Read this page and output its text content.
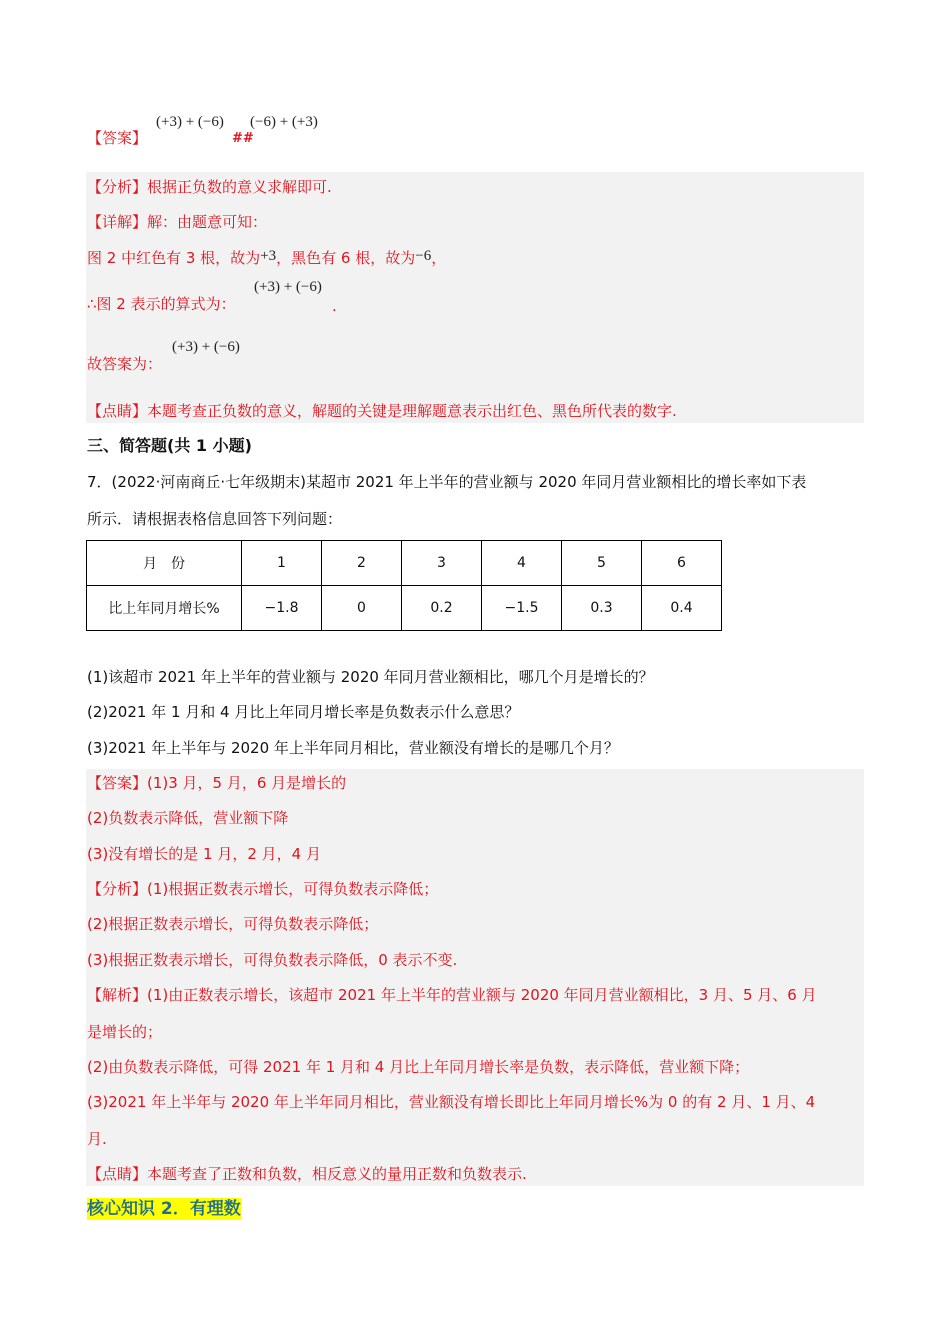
【答案】
(+3) + (−6)
##
(−6) + (+3)
【分析】根据正负数的意义求解即可.
【详解】解：由题意可知：
图 2 中红色有 3 根，故为+3，黑色有 6 根，故为−6，
∴图 2 表示的算式为：
(+3) + (−6)
.
故答案为：
(+3) + (−6)
【点睛】本题考查正负数的意义，解题的关键是理解题意表示出红色、黑色所代表的数字.
三、简答题(共 1 小题)
7．(2022·河南商丘·七年级期末)某超市 2021 年上半年的营业额与 2020 年同月营业额相比的增长率如下表
所示．请根据表格信息回答下列问题：
月　份	1	2	3	4	5	6
比上年同月增长%	−1.8	0	0.2	−1.5	0.3	0.4
(1)该超市 2021 年上半年的营业额与 2020 年同月营业额相比，哪几个月是增长的？
(2)2021 年 1 月和 4 月比上年同月增长率是负数表示什么意思？
(3)2021 年上半年与 2020 年上半年同月相比，营业额没有增长的是哪几个月？
【答案】(1)3 月，5 月，6 月是增长的
(2)负数表示降低，营业额下降
(3)没有增长的是 1 月，2 月，4 月
【分析】(1)根据正数表示增长，可得负数表示降低；
(2)根据正数表示增长，可得负数表示降低；
(3)根据正数表示增长，可得负数表示降低，0 表示不变.
【解析】(1)由正数表示增长，该超市 2021 年上半年的营业额与 2020 年同月营业额相比，3 月、5 月、6 月
是增长的；
(2)由负数表示降低，可得 2021 年 1 月和 4 月比上年同月增长率是负数，表示降低，营业额下降；
(3)2021 年上半年与 2020 年上半年同月相比，营业额没有增长即比上年同月增长%为 0 的有 2 月、1 月、4
月.
【点睛】本题考查了正数和负数，相反意义的量用正数和负数表示.
核心知识 2．有理数
